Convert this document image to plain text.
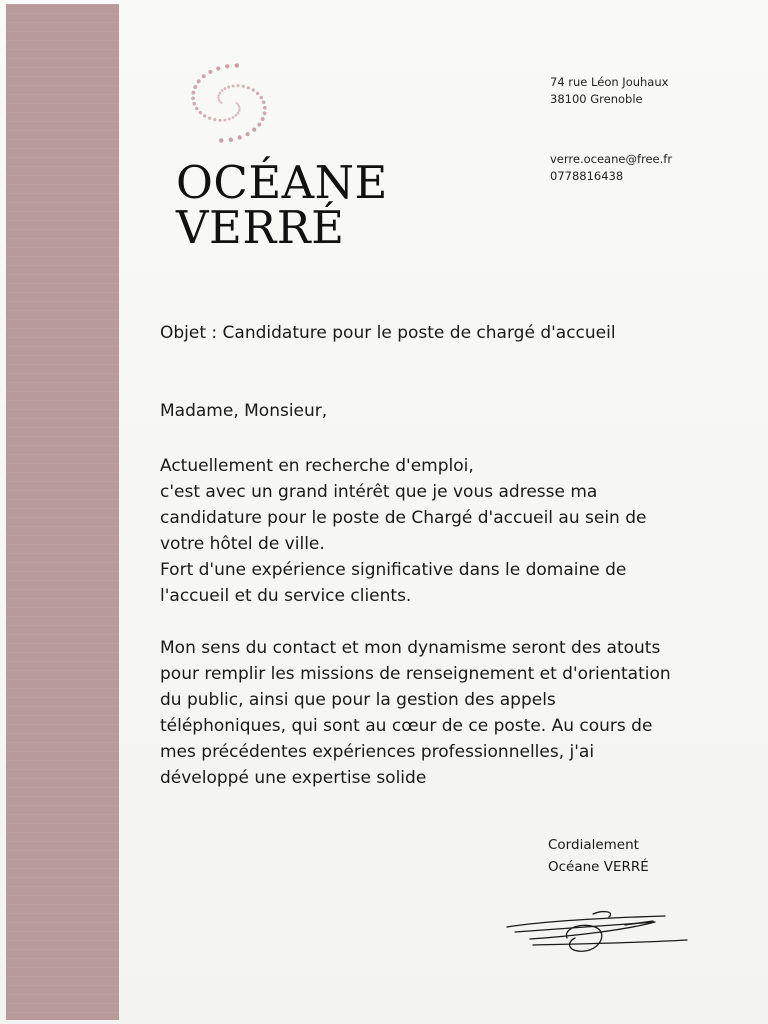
OCÉANE
VERRÉ
74 rue Léon Jouhaux
38100 Grenoble
verre.oceane@free.fr
0778816438

Objet : Candidature pour le poste de chargé d'accueil

Madame, Monsieur,

Actuellement en recherche d'emploi,

c'est avec un grand intérêt que je vous adresse ma

candidature pour le poste de Chargé d'accueil au sein de

votre hôtel de ville.

Fort d'une expérience significative dans le domaine de

l'accueil et du service clients.

Mon sens du contact et mon dynamisme seront des atouts

pour remplir les missions de renseignement et d'orientation

du public, ainsi que pour la gestion des appels

téléphoniques, qui sont au cœur de ce poste. Au cours de

mes précédentes expériences professionnelles, j'ai

développé une expertise solide

Cordialement
Océane VERRÉ
